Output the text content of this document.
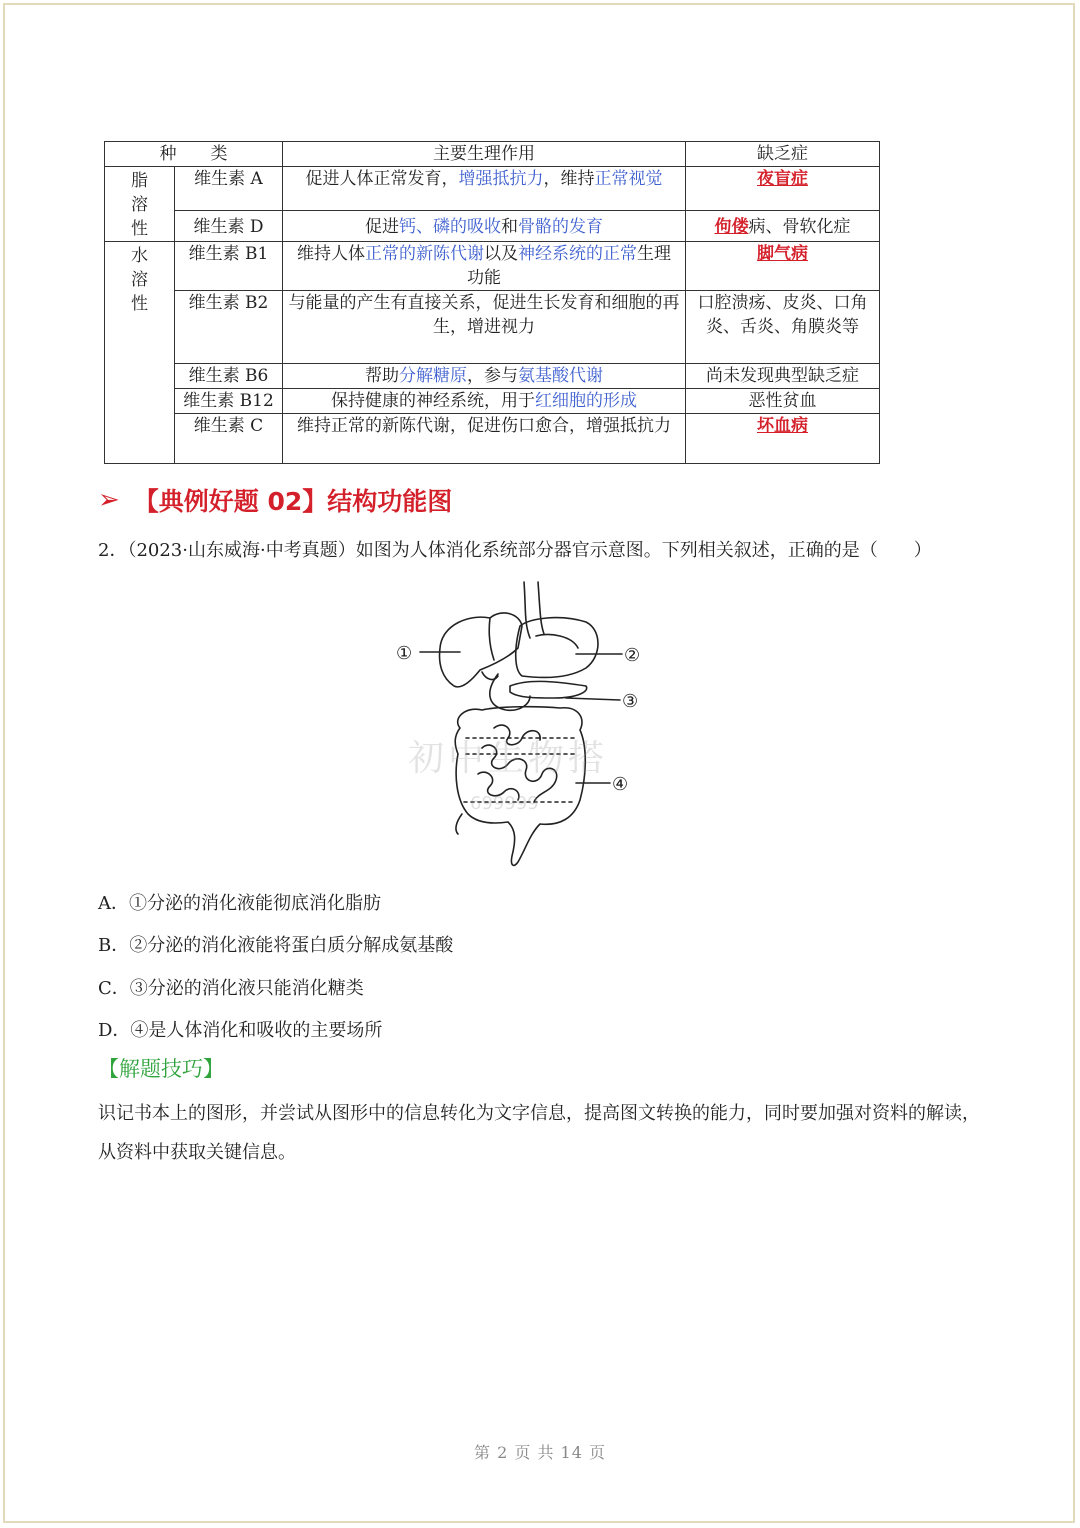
种　　类		主要生理作用	缺乏症

脂
溶
性	维生素 A	促进人体正常发育，增强抵抗力，维持正常视觉	夜盲症
	维生素 D	促进钙、磷的吸收和骨骼的发育	佝偻病、骨软化症

水
溶
性	维生素 B1	维持人体正常的新陈代谢以及神经系统的正常生理功能	脚气病
	维生素 B2	与能量的产生有直接关系，促进生长发育和细胞的再生，增进视力	口腔溃疡、皮炎、口角炎、舌炎、角膜炎等
	维生素 B6	帮助分解糖原，参与氨基酸代谢	尚未发现典型缺乏症
	维生素 B12	保持健康的神经系统，用于红细胞的形成	恶性贫血
	维生素 C	维持正常的新陈代谢，促进伤口愈合，增强抵抗力	坏血病
➢ 【典例好题 02】结构功能图
2．（2023·山东威海·中考真题）如图为人体消化系统部分器官示意图。下列相关叙述，正确的是（　　）
①	②
③
④
初中生物搭
699999
A．①分泌的消化液能彻底消化脂肪
B．②分泌的消化液能将蛋白质分解成氨基酸
C．③分泌的消化液只能消化糖类
D．④是人体消化和吸收的主要场所
【解题技巧】
识记书本上的图形，并尝试从图形中的信息转化为文字信息，提高图文转换的能力，同时要加强对资料的解读，从资料中获取关键信息。
第 2 页 共 14 页
